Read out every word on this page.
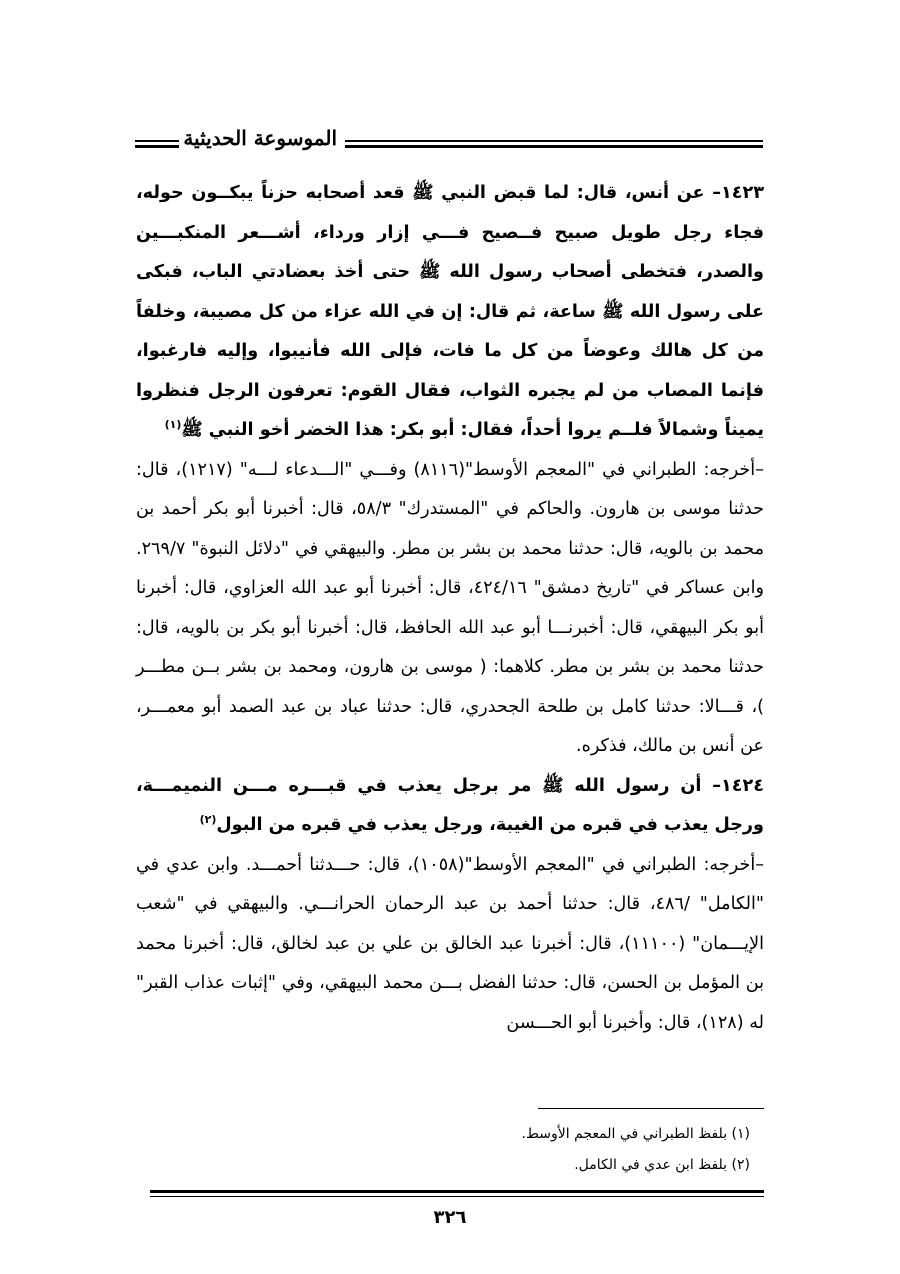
الموسوعة الحديثية

١٤٢٣– عن أنس، قال: لما قبض النبي ﷺ قعد أصحابه حزناً يبكــون حوله، فجاء رجل طويل صبيح فــصيح فـــي إزار ورداء، أشـــعر المنكبـــين والصدر، فتخطى أصحاب رسول الله ﷺ حتى أخذ بعضادتي الباب، فبكى على رسول الله ﷺ ساعة، ثم قال: إن في الله عزاء من كل مصيبة، وخلفاً من كل هالك وعوضاً من كل ما فات، فإلى الله فأنيبوا، وإليه فارغبوا، فإنما المصاب من لم يجبره الثواب، فقال القوم: تعرفون الرجل فنظروا يميناً وشمالاً فلــم يروا أحداً، فقال: أبو بكر: هذا الخضر أخو النبي ﷺ$^{(١)}$

–أخرجه: الطبراني في "المعجم الأوسط"(٨١١٦) وفـــي "الـــدعاء لـــه" (١٢١٧)، قال: حدثنا موسى بن هارون. والحاكم في "المستدرك" ٥٨/٣، قال: أخبرنا أبو بكر أحمد بن محمد بن بالويه، قال: حدثنا محمد بن بشر بن مطر. والبيهقي في "دلائل النبوة" ٢٦٩/٧. وابن عساكر في "تاريخ دمشق" ٤٢٤/١٦، قال: أخبرنا أبو عبد الله العزاوي، قال: أخبرنا أبو بكر البيهقي، قال: أخبرنـــا أبو عبد الله الحافظ، قال: أخبرنا أبو بكر بن بالويه، قال: حدثنا محمد بن بشر بن مطر. كلاهما: ( موسى بن هارون، ومحمد بن بشر بــن مطـــر )، قـــالا: حدثنا كامل بن طلحة الجحدري، قال: حدثنا عباد بن عبد الصمد أبو معمـــر، عن أنس بن مالك، فذكره.

١٤٢٤– أن رسول الله ﷺ مر برجل يعذب في قبـــره مـــن النميمـــة، ورجل يعذب في قبره من الغيبة، ورجل يعذب في قبره من البول$^{(٢)}$

–أخرجه: الطبراني في "المعجم الأوسط"(١٠٥٨)، قال: حـــدثنا أحمـــد. وابن عدي في "الكامل" /٤٨٦، قال: حدثنا أحمد بن عبد الرحمان الحرانـــي. والبيهقي في "شعب الإيـــمان" (١١١٠٠)، قال: أخبرنا عبد الخالق بن علي بن عبد لخالق، قال: أخبرنا محمد بن المؤمل بن الحسن، قال: حدثنا الفضل بـــن محمد البيهقي، وفي "إثبات عذاب القبر" له (١٢٨)، قال: وأخبرنا أبو الحـــسن

(١) بلفظ الطبراني في المعجم الأوسط.
(٢) بلفظ ابن عدي في الكامل.
٣٢٦
